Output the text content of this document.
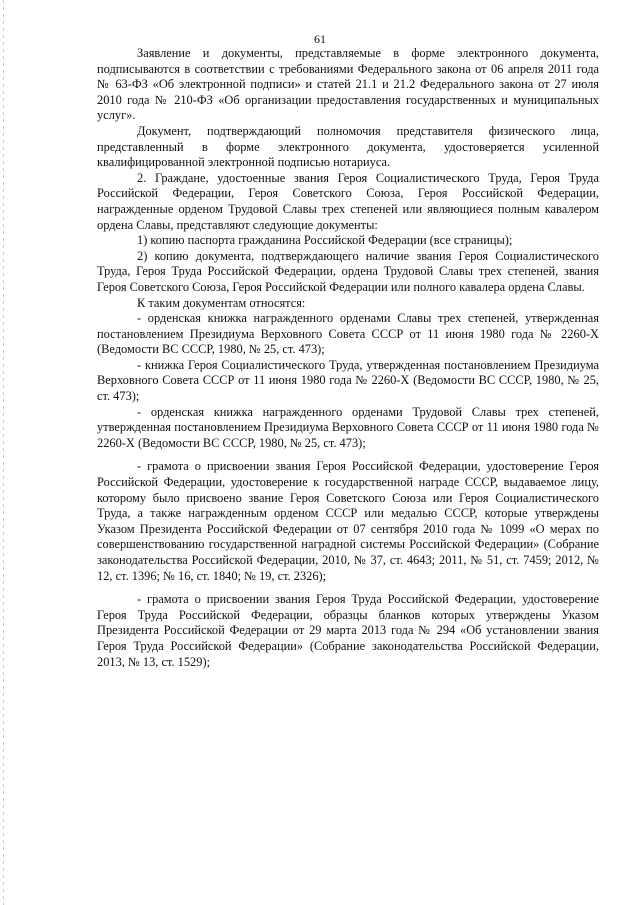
61

Заявление и документы, представляемые в форме электронного документа, подписываются в соответствии с требованиями Федерального закона от 06 апреля 2011 года № 63-ФЗ «Об электронной подписи» и статей 21.1 и 21.2 Федерального закона от 27 июля 2010 года № 210-ФЗ «Об организации предоставления государственных и муниципальных услуг».

Документ, подтверждающий полномочия представителя физического лица, представленный в форме электронного документа, удостоверяется усиленной квалифицированной электронной подписью нотариуса.

2. Граждане, удостоенные звания Героя Социалистического Труда, Героя Труда Российской Федерации, Героя Советского Союза, Героя Российской Федерации, награжденные орденом Трудовой Славы трех степеней или являющиеся полным кавалером ордена Славы, представляют следующие документы:

1) копию паспорта гражданина Российской Федерации (все страницы);

2) копию документа, подтверждающего наличие звания Героя Социалистического Труда, Героя Труда Российской Федерации, ордена Трудовой Славы трех степеней, звания Героя Советского Союза, Героя Российской Федерации или полного кавалера ордена Славы.

К таким документам относятся:

- орденская книжка награжденного орденами Славы трех степеней, утвержденная постановлением Президиума Верховного Совета СССР от 11 июня 1980 года № 2260-Х (Ведомости ВС СССР, 1980, № 25, ст. 473);

- книжка Героя Социалистического Труда, утвержденная постановлением Президиума Верховного Совета СССР от 11 июня 1980 года № 2260-Х (Ведомости ВС СССР, 1980, № 25, ст. 473);

- орденская книжка награжденного орденами Трудовой Славы трех степеней, утвержденная постановлением Президиума Верховного Совета СССР от 11 июня 1980 года № 2260-Х (Ведомости ВС СССР, 1980, № 25, ст. 473);

- грамота о присвоении звания Героя Российской Федерации, удостоверение Героя Российской Федерации, удостоверение к государственной награде СССР, выдаваемое лицу, которому было присвоено звание Героя Советского Союза или Героя Социалистического Труда, а также награжденным орденом СССР или медалью СССР, которые утверждены Указом Президента Российской Федерации от 07 сентября 2010 года № 1099 «О мерах по совершенствованию государственной наградной системы Российской Федерации» (Собрание законодательства Российской Федерации, 2010, № 37, ст. 4643; 2011, № 51, ст. 7459; 2012, № 12, ст. 1396; № 16, ст. 1840; № 19, ст. 2326);

- грамота о присвоении звания Героя Труда Российской Федерации, удостоверение Героя Труда Российской Федерации, образцы бланков которых утверждены Указом Президента Российской Федерации от 29 марта 2013 года № 294 «Об установлении звания Героя Труда Российской Федерации» (Собрание законодательства Российской Федерации, 2013, № 13, ст. 1529);
